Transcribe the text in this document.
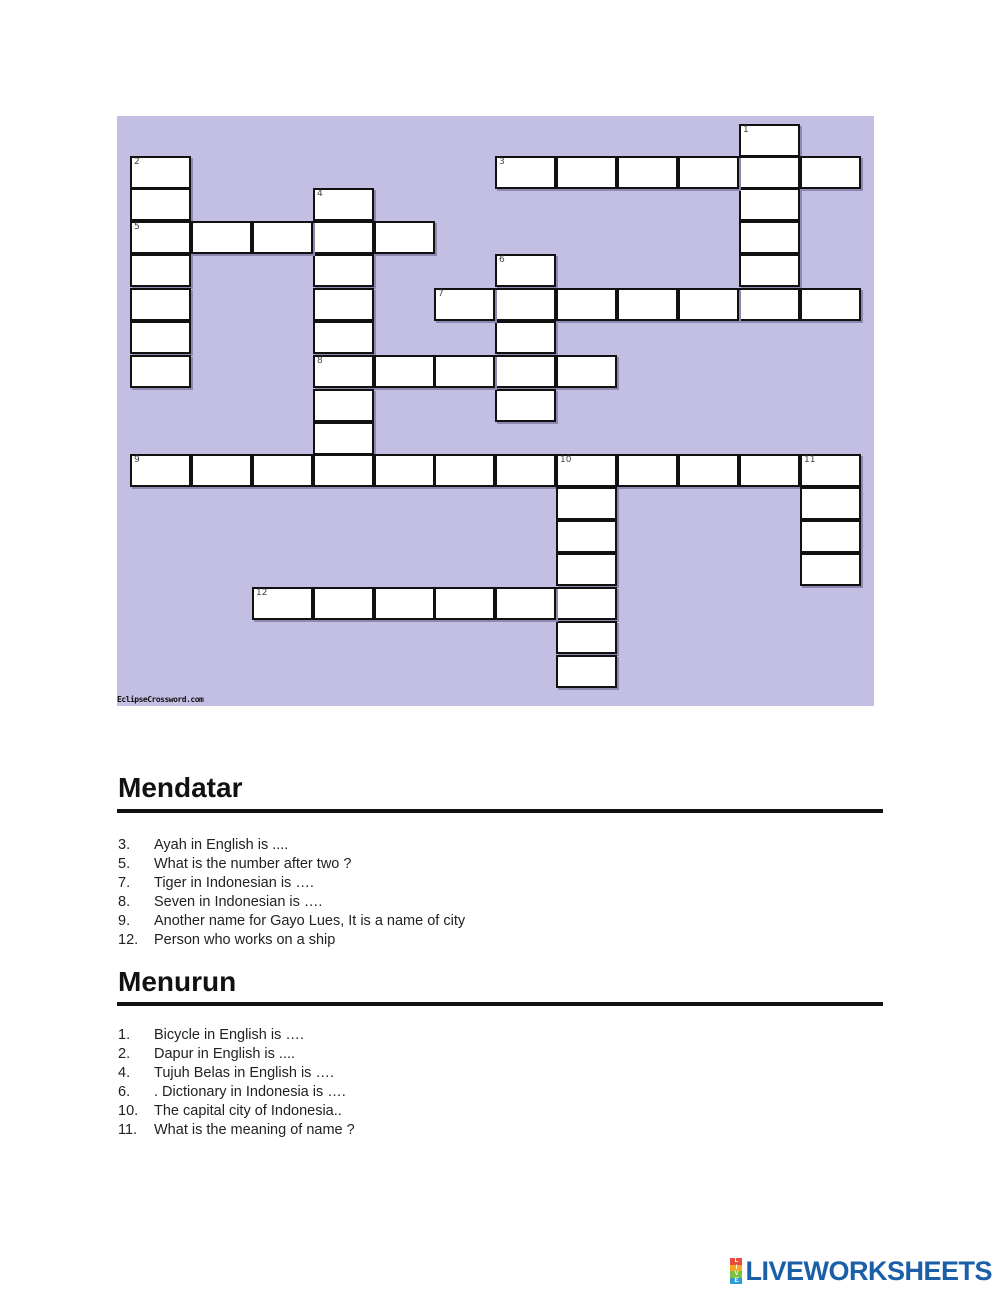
1
2
5
3
4
8
6
7
9	10	11
12
EclipseCrossword.com
Mendatar
3. Ayah in English is ....
5. What is the number after two ?
7. Tiger in Indonesian is ….
8. Seven in Indonesian is ….
9. Another name for Gayo Lues, It is a name of city
12. Person who works on a ship
Menurun
1. Bicycle in English is ….
2. Dapur in English is ....
4. Tujuh Belas in English is ….
6. . Dictionary in Indonesia is ….
10. The capital city of Indonesia..
11. What is the meaning of name ?
L
I
V
E LIVEWORKSHEETS
